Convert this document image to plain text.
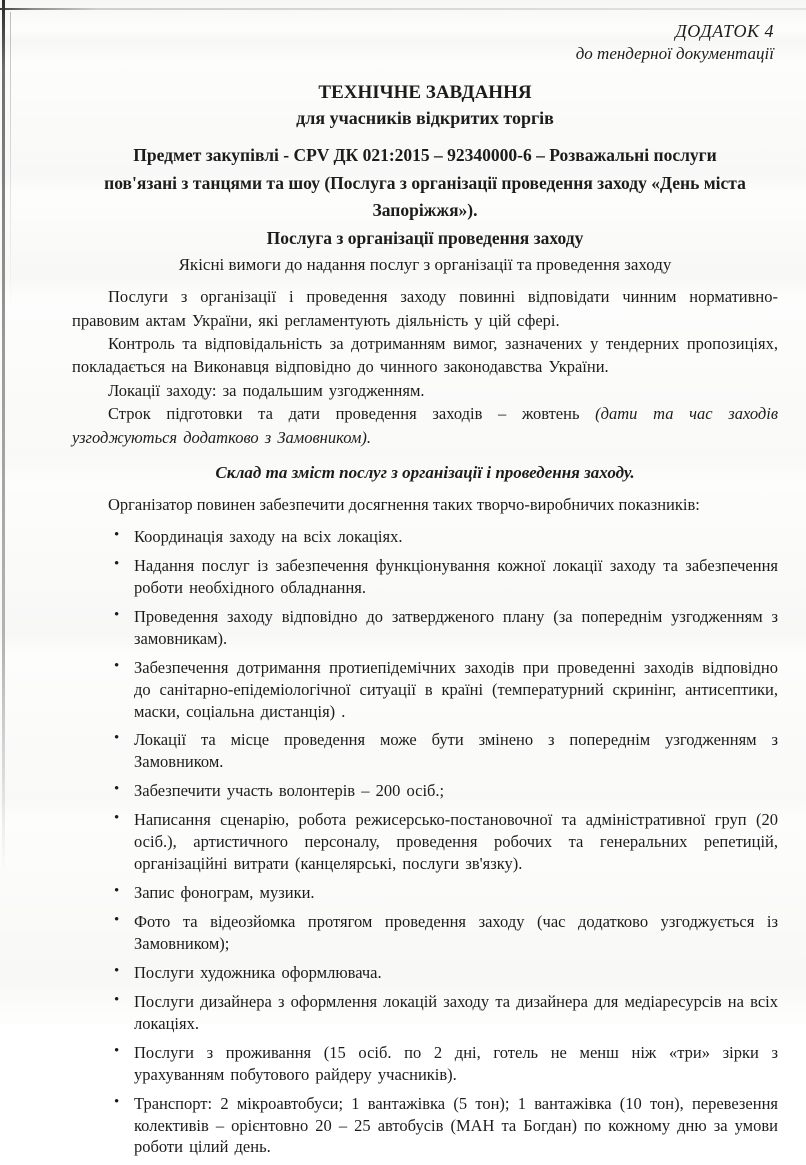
ДОДАТОК 4
до тендерної документації
ТЕХНІЧНЕ ЗАВДАННЯ
для учасників відкритих торгів
Предмет закупівлі - CPV ДК 021:2015 – 92340000-6 – Розважальні послуги пов'язані з танцями та шоу (Послуга з організації проведення заходу «День міста Запоріжжя»).
Послуга з організації проведення заходу
Якісні вимоги до надання послуг з організації та проведення заходу

Послуги з організації і проведення заходу повинні відповідати чинним нормативно-правовим актам України, які регламентують діяльність у цій сфері.

Контроль та відповідальність за дотриманням вимог, зазначених у тендерних пропозиціях, покладається на Виконавця відповідно до чинного законодавства України.

Локації заходу: за подальшим узгодженням.

Строк підготовки та дати проведення заходів – жовтень (дати та час заходів узгоджуються додатково з Замовником).

Склад та зміст послуг з організації і проведення заходу.
Організатор повинен забезпечити досягнення таких творчо-виробничих показників:
• Координація заходу на всіх локаціях.
• Надання послуг із забезпечення функціонування кожної локації заходу та забезпечення роботи необхідного обладнання.
• Проведення заходу відповідно до затвердженого плану (за попереднім узгодженням з замовникам).
• Забезпечення дотримання протиепідемічних заходів при проведенні заходів відповідно до санітарно-епідеміологічної ситуації в країні (температурний скринінг, антисептики, маски, соціальна дистанція) .
• Локації та місце проведення може бути змінено з попереднім узгодженням з Замовником.
• Забезпечити участь волонтерів – 200 осіб.;
• Написання сценарію, робота режисерсько-постановочної та адміністративної груп (20 осіб.), артистичного персоналу, проведення робочих та генеральних репетицій, організаційні витрати (канцелярські, послуги зв'язку).
• Запис фонограм, музики.
• Фото та відеозйомка протягом проведення заходу (час додатково узгоджується із Замовником);
• Послуги художника оформлювача.
• Послуги дизайнера з оформлення локацій заходу та дизайнера для медіаресурсів на всіх локаціях.
• Послуги з проживання (15 осіб. по 2 дні, готель не менш ніж «три» зірки з урахуванням побутового райдеру учасників).
• Транспорт: 2 мікроавтобуси; 1 вантажівка (5 тон); 1 вантажівка (10 тон), перевезення колективів – орієнтовно 20 – 25 автобусів (МАН та Богдан) по кожному дню за умови роботи цілий день.
